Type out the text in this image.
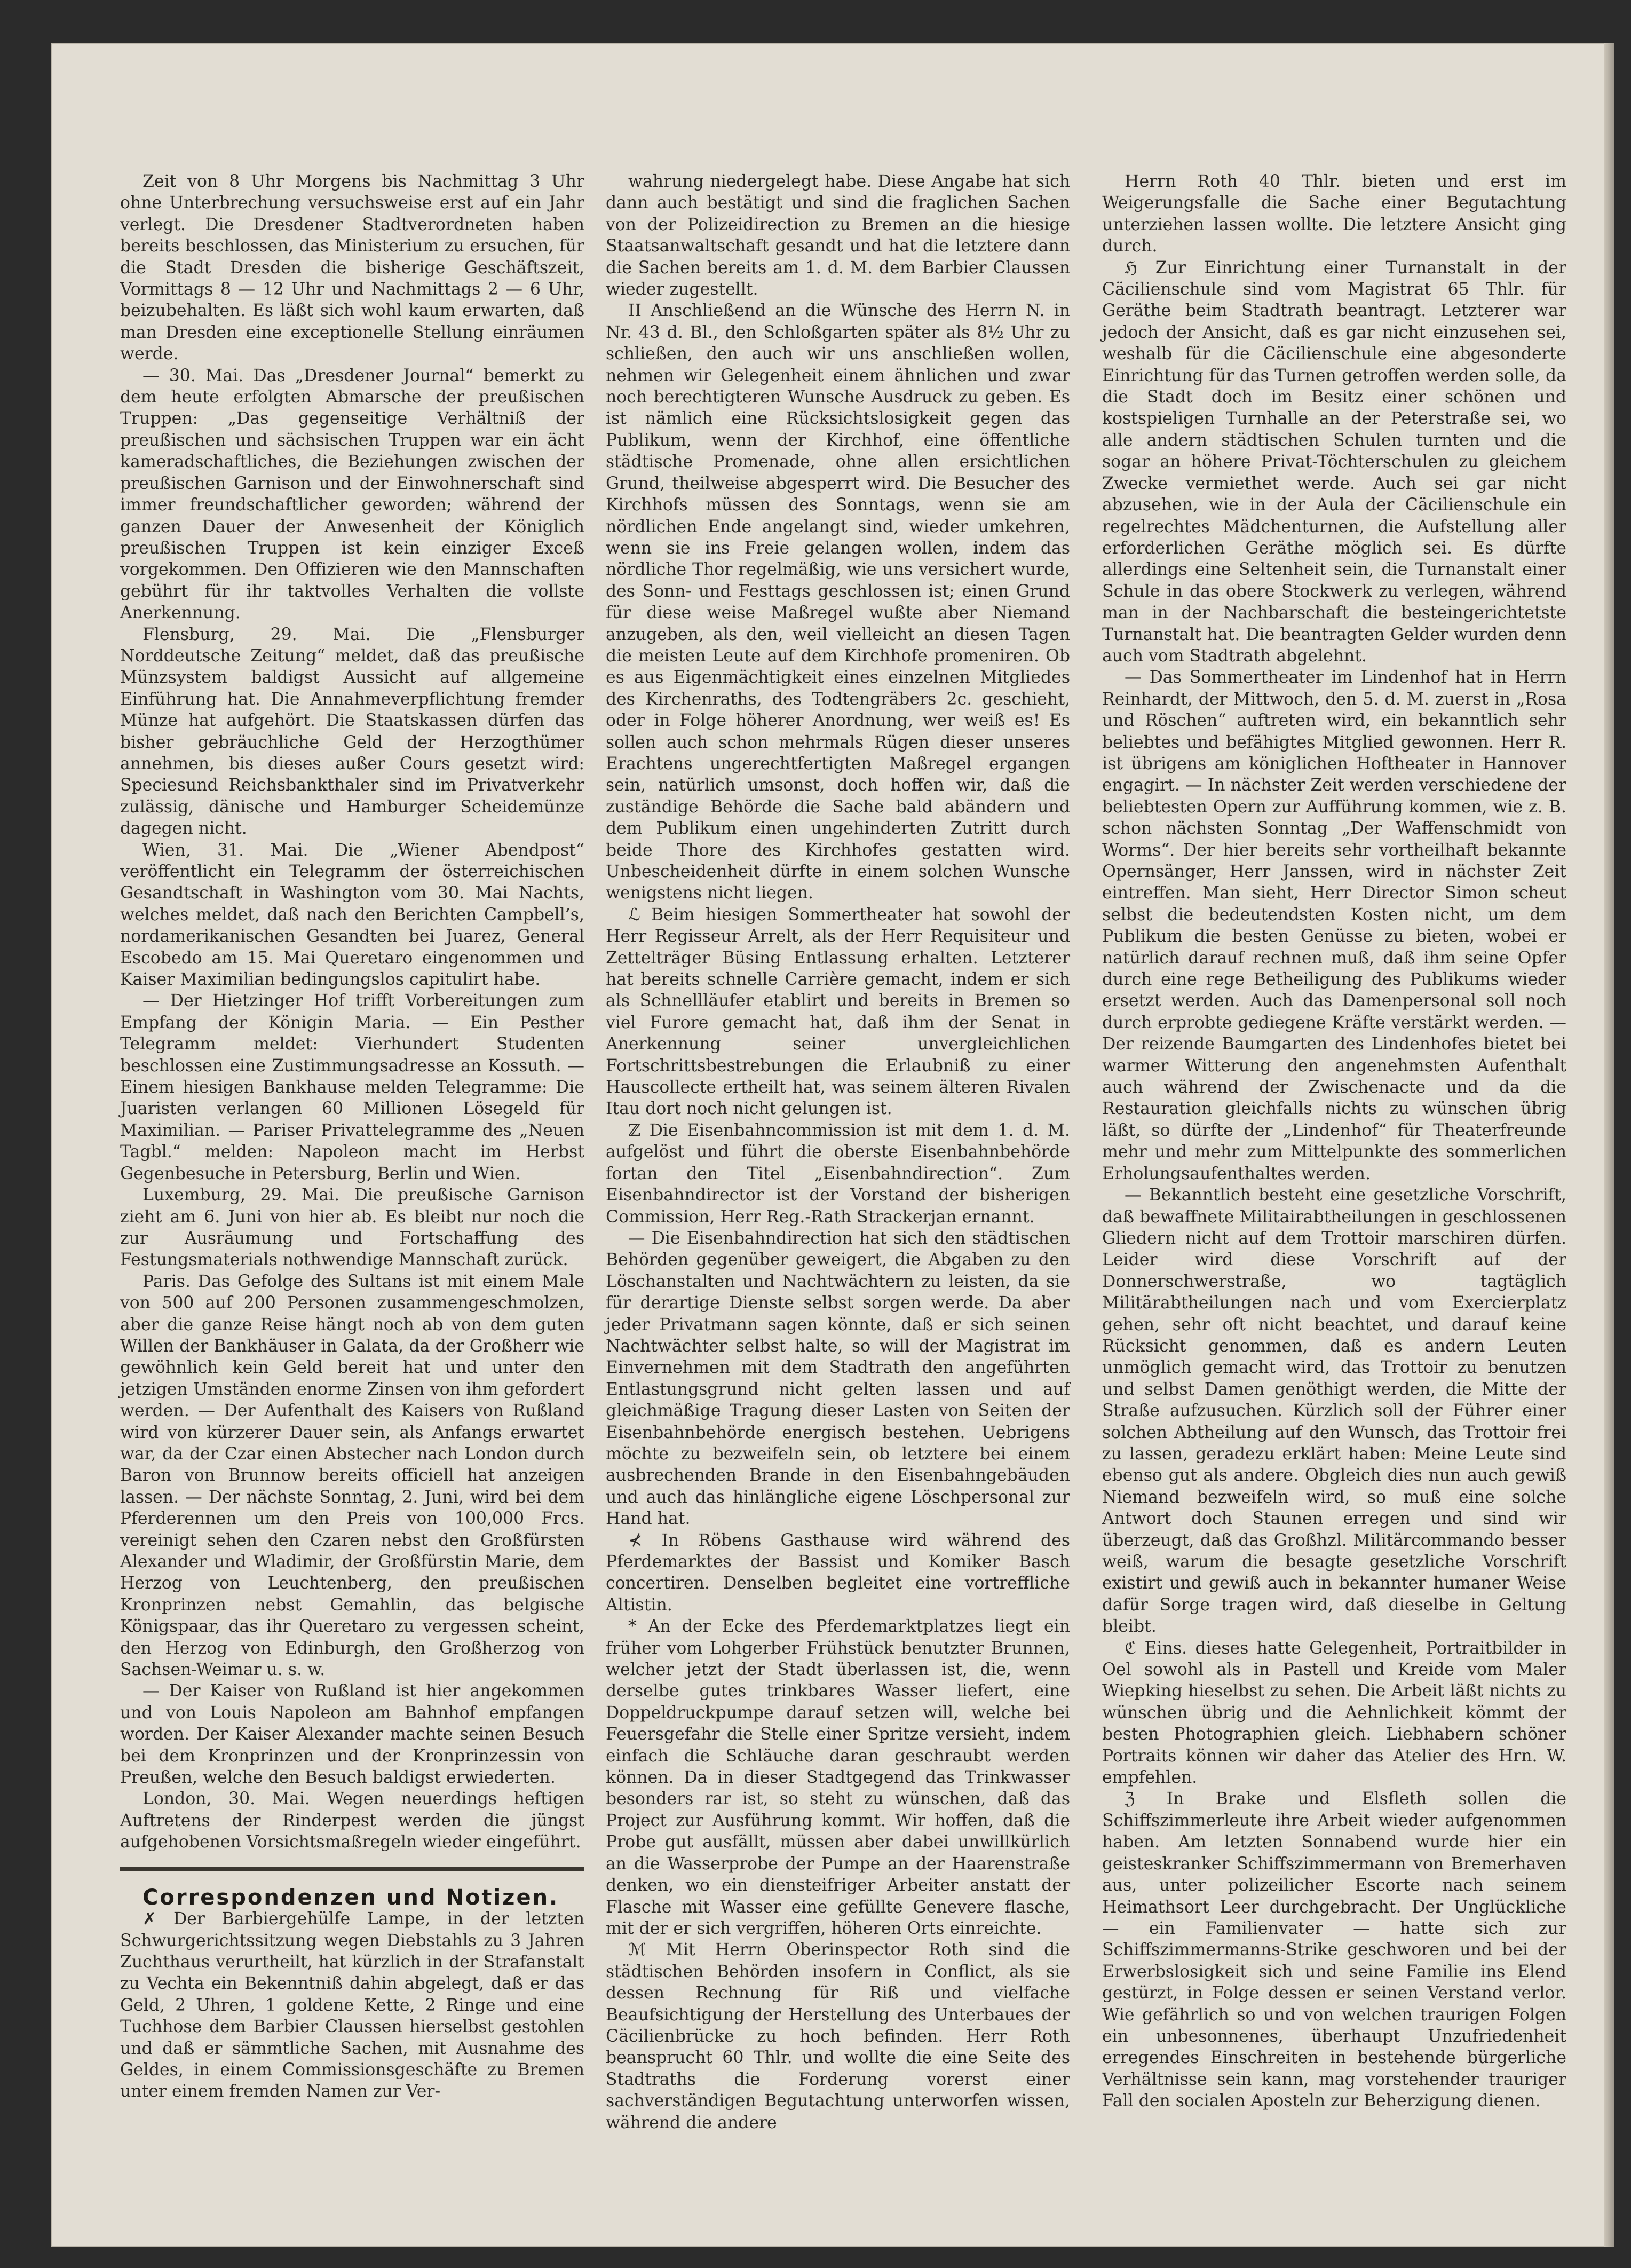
Zeit von 8 Uhr Morgens bis Nachmittag 3 Uhr ohne Unterbrechung versuchsweise erst auf ein Jahr verlegt. Die Dresdener Stadtverordneten haben bereits beschlossen, das Ministerium zu ersuchen, für die Stadt Dresden die bisherige Geschäftszeit, Vormittags 8 — 12 Uhr und Nachmittags 2 — 6 Uhr, beizubehalten. Es läßt sich wohl kaum erwarten, daß man Dresden eine exceptionelle Stellung einräumen werde.

— 30. Mai. Das „Dresdener Journal“ bemerkt zu dem heute erfolgten Abmarsche der preußischen Truppen: „Das gegenseitige Verhältniß der preußischen und sächsischen Truppen war ein ächt kameradschaftliches, die Beziehungen zwischen der preußischen Garnison und der Einwohnerschaft sind immer freundschaftlicher geworden; während der ganzen Dauer der Anwesenheit der Königlich preußischen Truppen ist kein einziger Exceß vorgekommen. Den Offizieren wie den Mannschaften gebührt für ihr taktvolles Verhalten die vollste Anerkennung.

Flensburg, 29. Mai. Die „Flensburger Norddeutsche Zeitung“ meldet, daß das preußische Münzsystem baldigst Aussicht auf allgemeine Einführung hat. Die Annahmeverpflichtung fremder Münze hat aufgehört. Die Staatskassen dürfen das bisher gebräuchliche Geld der Herzogthümer annehmen, bis dieses außer Cours gesetzt wird: Speciesund Reichsbankthaler sind im Privatverkehr zulässig, dänische und Hamburger Scheidemünze dagegen nicht.

Wien, 31. Mai. Die „Wiener Abendpost“ veröffentlicht ein Telegramm der österreichischen Gesandtschaft in Washington vom 30. Mai Nachts, welches meldet, daß nach den Berichten Campbell’s, nordamerikanischen Gesandten bei Juarez, General Escobedo am 15. Mai Queretaro eingenommen und Kaiser Maximilian bedingungslos capitulirt habe.

— Der Hietzinger Hof trifft Vorbereitungen zum Empfang der Königin Maria. — Ein Pesther Telegramm meldet: Vierhundert Studenten beschlossen eine Zustimmungsadresse an Kossuth. — Einem hiesigen Bankhause melden Telegramme: Die Juaristen verlangen 60 Millionen Lösegeld für Maximilian. — Pariser Privattelegramme des „Neuen Tagbl.“ melden: Napoleon macht im Herbst Gegenbesuche in Petersburg, Berlin und Wien.

Luxemburg, 29. Mai. Die preußische Garnison zieht am 6. Juni von hier ab. Es bleibt nur noch die zur Ausräumung und Fortschaffung des Festungsmaterials nothwendige Mannschaft zurück.

Paris. Das Gefolge des Sultans ist mit einem Male von 500 auf 200 Personen zusammengeschmolzen, aber die ganze Reise hängt noch ab von dem guten Willen der Bankhäuser in Galata, da der Großherr wie gewöhnlich kein Geld bereit hat und unter den jetzigen Umständen enorme Zinsen von ihm gefordert werden. — Der Aufenthalt des Kaisers von Rußland wird von kürzerer Dauer sein, als Anfangs erwartet war, da der Czar einen Abstecher nach London durch Baron von Brunnow bereits officiell hat anzeigen lassen. — Der nächste Sonntag, 2. Juni, wird bei dem Pferderennen um den Preis von 100,000 Frcs. vereinigt sehen den Czaren nebst den Großfürsten Alexander und Wladimir, der Großfürstin Marie, dem Herzog von Leuchtenberg, den preußischen Kronprinzen nebst Gemahlin, das belgische Königspaar, das ihr Queretaro zu vergessen scheint, den Herzog von Edinburgh, den Großherzog von Sachsen-Weimar u. s. w.

— Der Kaiser von Rußland ist hier angekommen und von Louis Napoleon am Bahnhof empfangen worden. Der Kaiser Alexander machte seinen Besuch bei dem Kronprinzen und der Kronprinzessin von Preußen, welche den Besuch baldigst erwiederten.

London, 30. Mai. Wegen neuerdings heftigen Auftretens der Rinderpest werden die jüngst aufgehobenen Vorsichtsmaßregeln wieder eingeführt.

Correspondenzen und Notizen.

✗ Der Barbiergehülfe Lampe, in der letzten Schwurgerichtssitzung wegen Diebstahls zu 3 Jahren Zuchthaus verurtheilt, hat kürzlich in der Strafanstalt zu Vechta ein Bekenntniß dahin abgelegt, daß er das Geld, 2 Uhren, 1 goldene Kette, 2 Ringe und eine Tuchhose dem Barbier Claussen hierselbst gestohlen und daß er sämmtliche Sachen, mit Ausnahme des Geldes, in einem Commissionsgeschäfte zu Bremen unter einem fremden Namen zur Ver-

wahrung niedergelegt habe. Diese Angabe hat sich dann auch bestätigt und sind die fraglichen Sachen von der Polizeidirection zu Bremen an die hiesige Staatsanwaltschaft gesandt und hat die letztere dann die Sachen bereits am 1. d. M. dem Barbier Claussen wieder zugestellt.

II Anschließend an die Wünsche des Herrn N. in Nr. 43 d. Bl., den Schloßgarten später als 8½ Uhr zu schließen, den auch wir uns anschließen wollen, nehmen wir Gelegenheit einem ähnlichen und zwar noch berechtigteren Wunsche Ausdruck zu geben. Es ist nämlich eine Rücksichtslosigkeit gegen das Publikum, wenn der Kirchhof, eine öffentliche städtische Promenade, ohne allen ersichtlichen Grund, theilweise abgesperrt wird. Die Besucher des Kirchhofs müssen des Sonntags, wenn sie am nördlichen Ende angelangt sind, wieder umkehren, wenn sie ins Freie gelangen wollen, indem das nördliche Thor regelmäßig, wie uns versichert wurde, des Sonn- und Festtags geschlossen ist; einen Grund für diese weise Maßregel wußte aber Niemand anzugeben, als den, weil vielleicht an diesen Tagen die meisten Leute auf dem Kirchhofe promeniren. Ob es aus Eigenmächtigkeit eines einzelnen Mitgliedes des Kirchenraths, des Todtengräbers 2c. geschieht, oder in Folge höherer Anordnung, wer weiß es! Es sollen auch schon mehrmals Rügen dieser unseres Erachtens ungerechtfertigten Maßregel ergangen sein, natürlich umsonst, doch hoffen wir, daß die zuständige Behörde die Sache bald abändern und dem Publikum einen ungehinderten Zutritt durch beide Thore des Kirchhofes gestatten wird. Unbescheidenheit dürfte in einem solchen Wunsche wenigstens nicht liegen.

ℒ Beim hiesigen Sommertheater hat sowohl der Herr Regisseur Arrelt, als der Herr Requisiteur und Zettelträger Büsing Entlassung erhalten. Letzterer hat bereits schnelle Carrière gemacht, indem er sich als Schnellläufer etablirt und bereits in Bremen so viel Furore gemacht hat, daß ihm der Senat in Anerkennung seiner unvergleichlichen Fortschrittsbestrebungen die Erlaubniß zu einer Hauscollecte ertheilt hat, was seinem älteren Rivalen Itau dort noch nicht gelungen ist.

ℤ Die Eisenbahncommission ist mit dem 1. d. M. aufgelöst und führt die oberste Eisenbahnbehörde fortan den Titel „Eisenbahndirection“. Zum Eisenbahndirector ist der Vorstand der bisherigen Commission, Herr Reg.-Rath Strackerjan ernannt.

— Die Eisenbahndirection hat sich den städtischen Behörden gegenüber geweigert, die Abgaben zu den Löschanstalten und Nachtwächtern zu leisten, da sie für derartige Dienste selbst sorgen werde. Da aber jeder Privatmann sagen könnte, daß er sich seinen Nachtwächter selbst halte, so will der Magistrat im Einvernehmen mit dem Stadtrath den angeführten Entlastungsgrund nicht gelten lassen und auf gleichmäßige Tragung dieser Lasten von Seiten der Eisenbahnbehörde energisch bestehen. Uebrigens möchte zu bezweifeln sein, ob letztere bei einem ausbrechenden Brande in den Eisenbahngebäuden und auch das hinlängliche eigene Löschpersonal zur Hand hat.

⊀ In Röbens Gasthause wird während des Pferdemarktes der Bassist und Komiker Basch concertiren. Denselben begleitet eine vortreffliche Altistin.

* An der Ecke des Pferdemarktplatzes liegt ein früher vom Lohgerber Frühstück benutzter Brunnen, welcher jetzt der Stadt überlassen ist, die, wenn derselbe gutes trinkbares Wasser liefert, eine Doppeldruckpumpe darauf setzen will, welche bei Feuersgefahr die Stelle einer Spritze versieht, indem einfach die Schläuche daran geschraubt werden können. Da in dieser Stadtgegend das Trinkwasser besonders rar ist, so steht zu wünschen, daß das Project zur Ausführung kommt. Wir hoffen, daß die Probe gut ausfällt, müssen aber dabei unwillkürlich an die Wasserprobe der Pumpe an der Haarenstraße denken, wo ein diensteifriger Arbeiter anstatt der Flasche mit Wasser eine gefüllte Genevere flasche, mit der er sich vergriffen, höheren Orts einreichte.

ℳ Mit Herrn Oberinspector Roth sind die städtischen Behörden insofern in Conflict, als sie dessen Rechnung für Riß und vielfache Beaufsichtigung der Herstellung des Unterbaues der Cäcilienbrücke zu hoch befinden. Herr Roth beansprucht 60 Thlr. und wollte die eine Seite des Stadtraths die Forderung vorerst einer sachverständigen Begutachtung unterworfen wissen, während die andere

Herrn Roth 40 Thlr. bieten und erst im Weigerungsfalle die Sache einer Begutachtung unterziehen lassen wollte. Die letztere Ansicht ging durch.

ℌ Zur Einrichtung einer Turnanstalt in der Cäcilienschule sind vom Magistrat 65 Thlr. für Geräthe beim Stadtrath beantragt. Letzterer war jedoch der Ansicht, daß es gar nicht einzusehen sei, weshalb für die Cäcilienschule eine abgesonderte Einrichtung für das Turnen getroffen werden solle, da die Stadt doch im Besitz einer schönen und kostspieligen Turnhalle an der Peterstraße sei, wo alle andern städtischen Schulen turnten und die sogar an höhere Privat-Töchterschulen zu gleichem Zwecke vermiethet werde. Auch sei gar nicht abzusehen, wie in der Aula der Cäcilienschule ein regelrechtes Mädchenturnen, die Aufstellung aller erforderlichen Geräthe möglich sei. Es dürfte allerdings eine Seltenheit sein, die Turnanstalt einer Schule in das obere Stockwerk zu verlegen, während man in der Nachbarschaft die besteingerichtetste Turnanstalt hat. Die beantragten Gelder wurden denn auch vom Stadtrath abgelehnt.

— Das Sommertheater im Lindenhof hat in Herrn Reinhardt, der Mittwoch, den 5. d. M. zuerst in „Rosa und Röschen“ auftreten wird, ein bekanntlich sehr beliebtes und befähigtes Mitglied gewonnen. Herr R. ist übrigens am königlichen Hoftheater in Hannover engagirt. — In nächster Zeit werden verschiedene der beliebtesten Opern zur Aufführung kommen, wie z. B. schon nächsten Sonntag „Der Waffenschmidt von Worms“. Der hier bereits sehr vortheilhaft bekannte Opernsänger, Herr Janssen, wird in nächster Zeit eintreffen. Man sieht, Herr Director Simon scheut selbst die bedeutendsten Kosten nicht, um dem Publikum die besten Genüsse zu bieten, wobei er natürlich darauf rechnen muß, daß ihm seine Opfer durch eine rege Betheiligung des Publikums wieder ersetzt werden. Auch das Damenpersonal soll noch durch erprobte gediegene Kräfte verstärkt werden. — Der reizende Baumgarten des Lindenhofes bietet bei warmer Witterung den angenehmsten Aufenthalt auch während der Zwischenacte und da die Restauration gleichfalls nichts zu wünschen übrig läßt, so dürfte der „Lindenhof“ für Theaterfreunde mehr und mehr zum Mittelpunkte des sommerlichen Erholungsaufenthaltes werden.

— Bekanntlich besteht eine gesetzliche Vorschrift, daß bewaffnete Militairabtheilungen in geschlossenen Gliedern nicht auf dem Trottoir marschiren dürfen. Leider wird diese Vorschrift auf der Donnerschwerstraße, wo tagtäglich Militärabtheilungen nach und vom Exercierplatz gehen, sehr oft nicht beachtet, und darauf keine Rücksicht genommen, daß es andern Leuten unmöglich gemacht wird, das Trottoir zu benutzen und selbst Damen genöthigt werden, die Mitte der Straße aufzusuchen. Kürzlich soll der Führer einer solchen Abtheilung auf den Wunsch, das Trottoir frei zu lassen, geradezu erklärt haben: Meine Leute sind ebenso gut als andere. Obgleich dies nun auch gewiß Niemand bezweifeln wird, so muß eine solche Antwort doch Staunen erregen und sind wir überzeugt, daß das Großhzl. Militärcommando besser weiß, warum die besagte gesetzliche Vorschrift existirt und gewiß auch in bekannter humaner Weise dafür Sorge tragen wird, daß dieselbe in Geltung bleibt.

ℭ Eins. dieses hatte Gelegenheit, Portraitbilder in Oel sowohl als in Pastell und Kreide vom Maler Wiepking hieselbst zu sehen. Die Arbeit läßt nichts zu wünschen übrig und die Aehnlichkeit kömmt der besten Photographien gleich. Liebhabern schöner Portraits können wir daher das Atelier des Hrn. W. empfehlen.

ℨ In Brake und Elsfleth sollen die Schiffszimmerleute ihre Arbeit wieder aufgenommen haben. Am letzten Sonnabend wurde hier ein geisteskranker Schiffszimmermann von Bremerhaven aus, unter polizeilicher Escorte nach seinem Heimathsort Leer durchgebracht. Der Unglückliche — ein Familienvater — hatte sich zur Schiffszimmermanns-Strike geschworen und bei der Erwerbslosigkeit sich und seine Familie ins Elend gestürzt, in Folge dessen er seinen Verstand verlor. Wie gefährlich so und von welchen traurigen Folgen ein unbesonnenes, überhaupt Unzufriedenheit erregendes Einschreiten in bestehende bürgerliche Verhältnisse sein kann, mag vorstehender trauriger Fall den socialen Aposteln zur Beherzigung dienen.
